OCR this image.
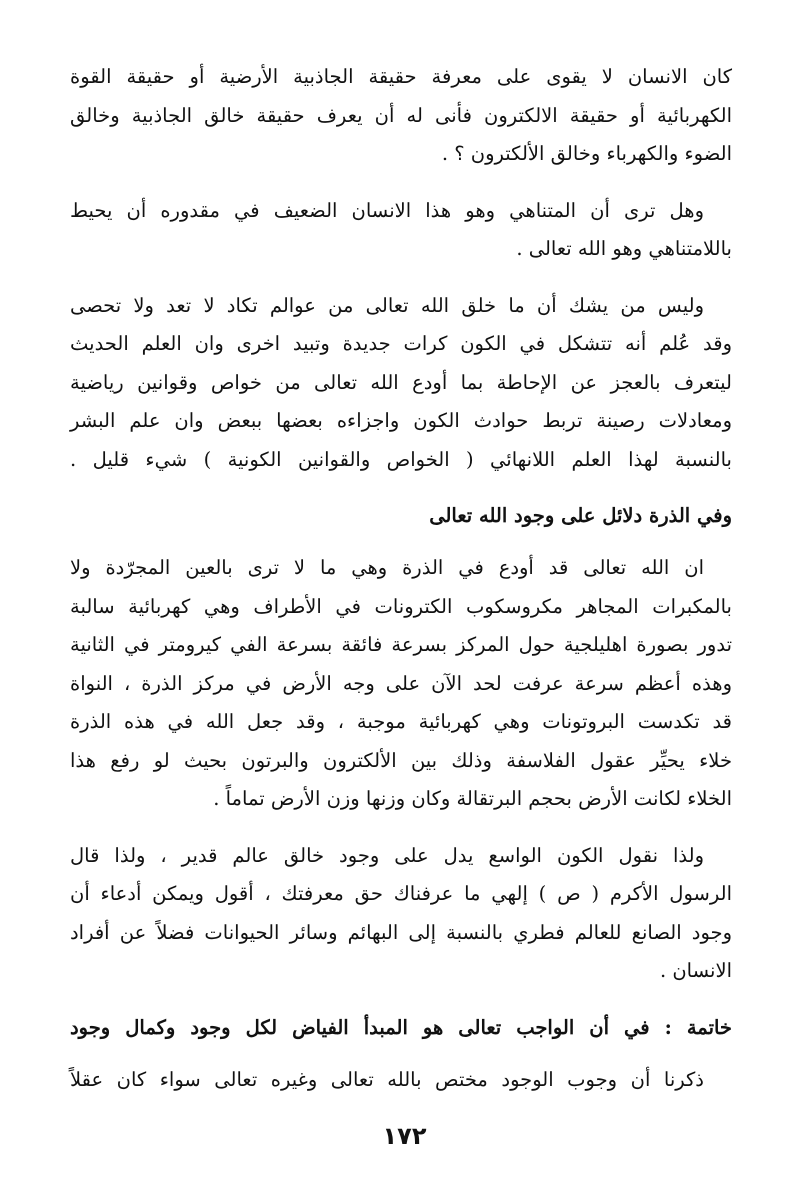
كان الانسان لا يقوى على معرفة حقيقة الجاذبية الأرضية أو حقيقة القوة
الكهربائية أو حقيقة الالكترون فأنى له أن يعرف حقيقة خالق الجاذبية وخالق
الضوء والكهرباء وخالق الألكترون ؟ .
وهل ترى أن المتناهي وهو هذا الانسان الضعيف في مقدوره أن يحيط
باللامتناهي وهو الله تعالى .
وليس من يشك أن ما خلق الله تعالى من عوالم تكاد لا تعد ولا تحصى
وقد عُلم أنه تتشكل في الكون كرات جديدة وتبيد اخرى وان العلم الحديث
ليتعرف بالعجز عن الإحاطة بما أودع الله تعالى من خواص وقوانين رياضية
ومعادلات رصينة تربط حوادث الكون واجزاءه بعضها ببعض وان علم البشر
بالنسبة لهذا العلم اللانهائي ( الخواص والقوانين الكونية ) شيء قليل .
وفي الذرة دلائل على وجود الله تعالى
ان الله تعالى قد أودع في الذرة وهي ما لا ترى بالعين المجرّدة ولا
بالمكبرات المجاهر مكروسكوب الكترونات في الأطراف وهي كهربائية سالبة
تدور بصورة اهليلجية حول المركز بسرعة فائقة بسرعة الفي كيرومتر في الثانية
وهذه أعظم سرعة عرفت لحد الآن على وجه الأرض في مركز الذرة ، النواة
قد تكدست البروتونات وهي كهربائية موجبة ، وقد جعل الله في هذه الذرة
خلاء يحيِّر عقول الفلاسفة وذلك بين الألكترون والبرتون بحيث لو رفع هذا
الخلاء لكانت الأرض بحجم البرتقالة وكان وزنها وزن الأرض تماماً .
ولذا نقول الكون الواسع يدل على وجود خالق عالم قدير ، ولذا قال
الرسول الأكرم ( ص ) إلهي ما عرفناك حق معرفتك ، أقول ويمكن أدعاء أن
وجود الصانع للعالم فطري بالنسبة إلى البهائم وسائر الحيوانات فضلاً عن أفراد
الانسان .
خاتمة : في أن الواجب تعالى هو المبدأ الفياض لكل وجود وكمال وجود
ذكرنا أن وجوب الوجود مختص بالله تعالى وغيره تعالى سواء كان عقلاً
١٧٢
